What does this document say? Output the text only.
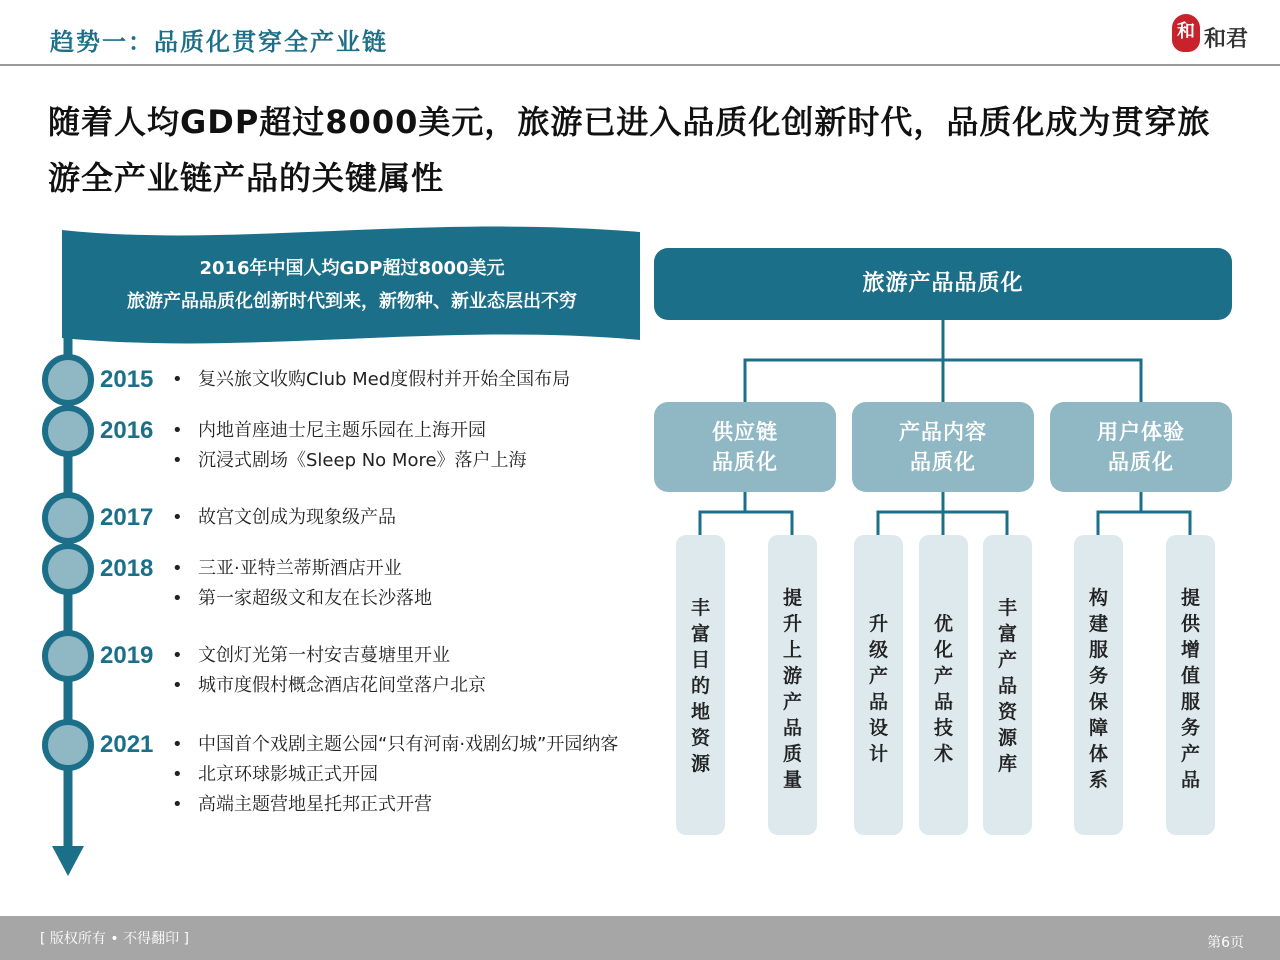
趋势一：品质化贯穿全产业链	和 和君
随着人均GDP超过8000美元，旅游已进入品质化创新时代，品质化成为贯穿旅游全产业链产品的关键属性
2016年中国人均GDP超过8000美元
旅游产品品质化创新时代到来，新物种、新业态层出不穷
2015	• 复兴旅文收购Club Med度假村并开始全国布局
2016	• 内地首座迪士尼主题乐园在上海开园
• 沉浸式剧场《Sleep No More》落户上海
2017	• 故宫文创成为现象级产品
2018	• 三亚·亚特兰蒂斯酒店开业
• 第一家超级文和友在长沙落地
2019	• 文创灯光第一村安吉蔓塘里开业
• 城市度假村概念酒店花间堂落户北京
2021	• 中国首个戏剧主题公园“只有河南·戏剧幻城”开园纳客
• 北京环球影城正式开园
• 高端主题营地星托邦正式开营
旅游产品品质化
供应链
品质化
产品内容
品质化
用户体验
品质化
丰富目的地资源
提升上游产品质量
升级产品设计
优化产品技术
丰富产品资源库
构建服务保障体系
提供增值服务产品
[ 版权所有 • 不得翻印 ]	第6页
